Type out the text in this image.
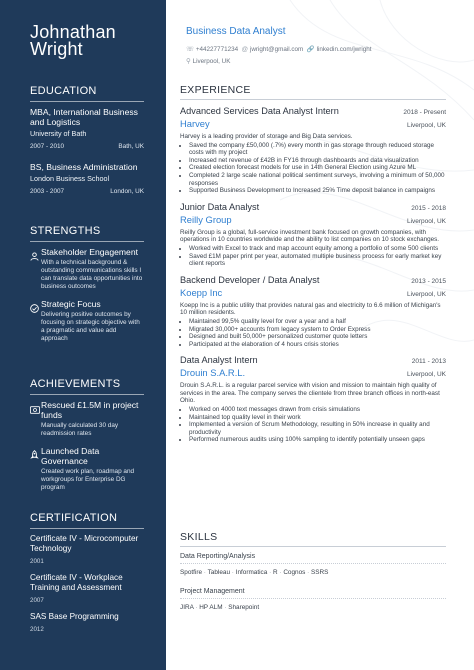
Johnathan Wright
EDUCATION
MBA, International Business and Logistics
University of Bath
2007 - 2010	Bath, UK
BS, Business Administration
London Business School
2003 - 2007	London, UK
STRENGTHS
Stakeholder Engagement
With a technical background & outstanding communications skills I can translate data opportunities into business outcomes
Strategic Focus
Delivering positive outcomes by focusing on strategic objective with a pragmatic and value add approach
ACHIEVEMENTS
Rescued £1.5M in project funds
Manually calculated 30 day readmission rates
Launched Data Governance
Created work plan, roadmap and workgroups for Enterprise DG program
CERTIFICATION
Certificate IV - Microcomputer Technology
2001
Certificate IV - Workplace Training and Assessment
2007
SAS Base Programming
2012
Business Data Analyst
☏ +44227771234 @ jwright@gmail.com 🔗 linkedin.com/jwright
⚲ Liverpool, UK
EXPERIENCE
Advanced Services Data Analyst Intern	2018 - Present
Harvey	Liverpool, UK
Harvey is a leading provider of storage and Big Data services.
• Saved the company £50,000 (.7%) every month in gas storage through reduced storage costs with my project
• Increased net revenue of £42B in FY16 through dashboards and data visualization
• Created election forecast models for use in 14th General Election using Azure ML
• Completed 2 large scale national political sentiment surveys, involving a minimum of 50,000 responses
• Supported Business Development to Increased 25% Time deposit balance in campaigns
Junior Data Analyst	2015 - 2018
Reilly Group	Liverpool, UK
Reilly Group is a global, full-service investment bank focused on growth companies, with operations in 10 countries worldwide and the ability to list companies on 10 stock exchanges.
• Worked with Excel to track and map account equity among a portfolio of some 500 clients
• Saved £1M paper print per year, automated multiple business process for early market key client reports
Backend Developer / Data Analyst	2013 - 2015
Koepp Inc	Liverpool, UK
Koepp Inc is a public utility that provides natural gas and electricity to 6.6 million of Michigan's 10 million residents.
• Maintained 99,5% quality level for over a year and a half
• Migrated 30,000+ accounts from legacy system to Order Express
• Designed and built 50,000+ personalized customer quote letters
• Participated at the elaboration of 4 hours crisis stories
Data Analyst Intern	2011 - 2013
Drouin S.A.R.L.	Liverpool, UK
Drouin S.A.R.L. is a regular parcel service with vision and mission to maintain high quality of services in the area. The company serves the clientele from three branch offices in north-east Ohio.
• Worked on 4000 text messages drawn from crisis simulations
• Maintained top quality level in their work
• Implemented a version of Scrum Methodology, resulting in 50% increase in quality and productivity
• Performed numerous audits using 100% sampling to identify potentially unseen gaps
SKILLS
Data Reporting/Analysis
Spotfire · Tableau · Informatica · R · Cognos · SSRS
Project Management
JIRA · HP ALM · Sharepoint
